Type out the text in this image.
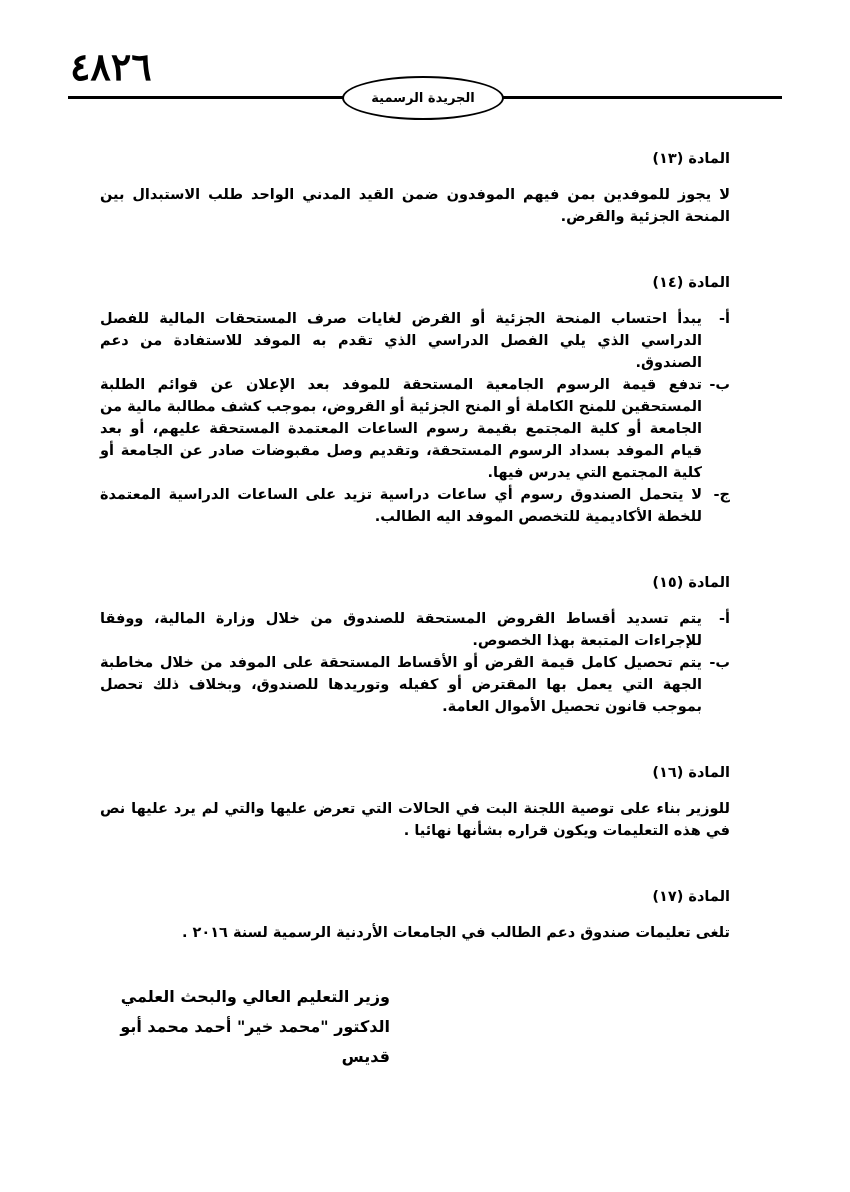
٤٨٢٦
الجريدة الرسمية
المادة (١٣)

لا يجوز للموفدين بمن فيهم الموفدون ضمن القيد المدني الواحد طلب الاستبدال بين المنحة الجزئية والقرض.

المادة (١٤)
أ-
يبدأ احتساب المنحة الجزئية أو القرض لغايات صرف المستحقات المالية للفصل الدراسي الذي يلي الفصل الدراسي الذي تقدم به الموفد للاستفادة من دعم الصندوق.
ب-
تدفع قيمة الرسوم الجامعية المستحقة للموفد بعد الإعلان عن قوائم الطلبة المستحقين للمنح الكاملة أو المنح الجزئية أو القروض، بموجب كشف مطالبة مالية من الجامعة أو كلية المجتمع بقيمة رسوم الساعات المعتمدة المستحقة عليهم، أو بعد قيام الموفد بسداد الرسوم المستحقة، وتقديم وصل مقبوضات صادر عن الجامعة أو كلية المجتمع التي يدرس فيها.
ج-
لا يتحمل الصندوق رسوم أي ساعات دراسية تزيد على الساعات الدراسية المعتمدة للخطة الأكاديمية للتخصص الموفد اليه الطالب.
المادة (١٥)
أ-
يتم تسديد أقساط القروض المستحقة للصندوق من خلال وزارة المالية، ووفقا للإجراءات المتبعة بهذا الخصوص.
ب-
يتم تحصيل كامل قيمة القرض أو الأقساط المستحقة على الموفد من خلال مخاطبة الجهة التي يعمل بها المقترض أو كفيله وتوريدها للصندوق، وبخلاف ذلك تحصل بموجب قانون تحصيل الأموال العامة.
المادة (١٦)

للوزير بناء على توصية اللجنة البت في الحالات التي تعرض عليها والتي لم يرد عليها نص في هذه التعليمات ويكون قراره بشأنها نهائيا .

المادة (١٧)

تلغى تعليمات صندوق دعم الطالب في الجامعات الأردنية الرسمية لسنة ٢٠١٦ .

وزير التعليم العالي والبحث العلمي
الدكتور "محمد خير" أحمد محمد أبو قديس
